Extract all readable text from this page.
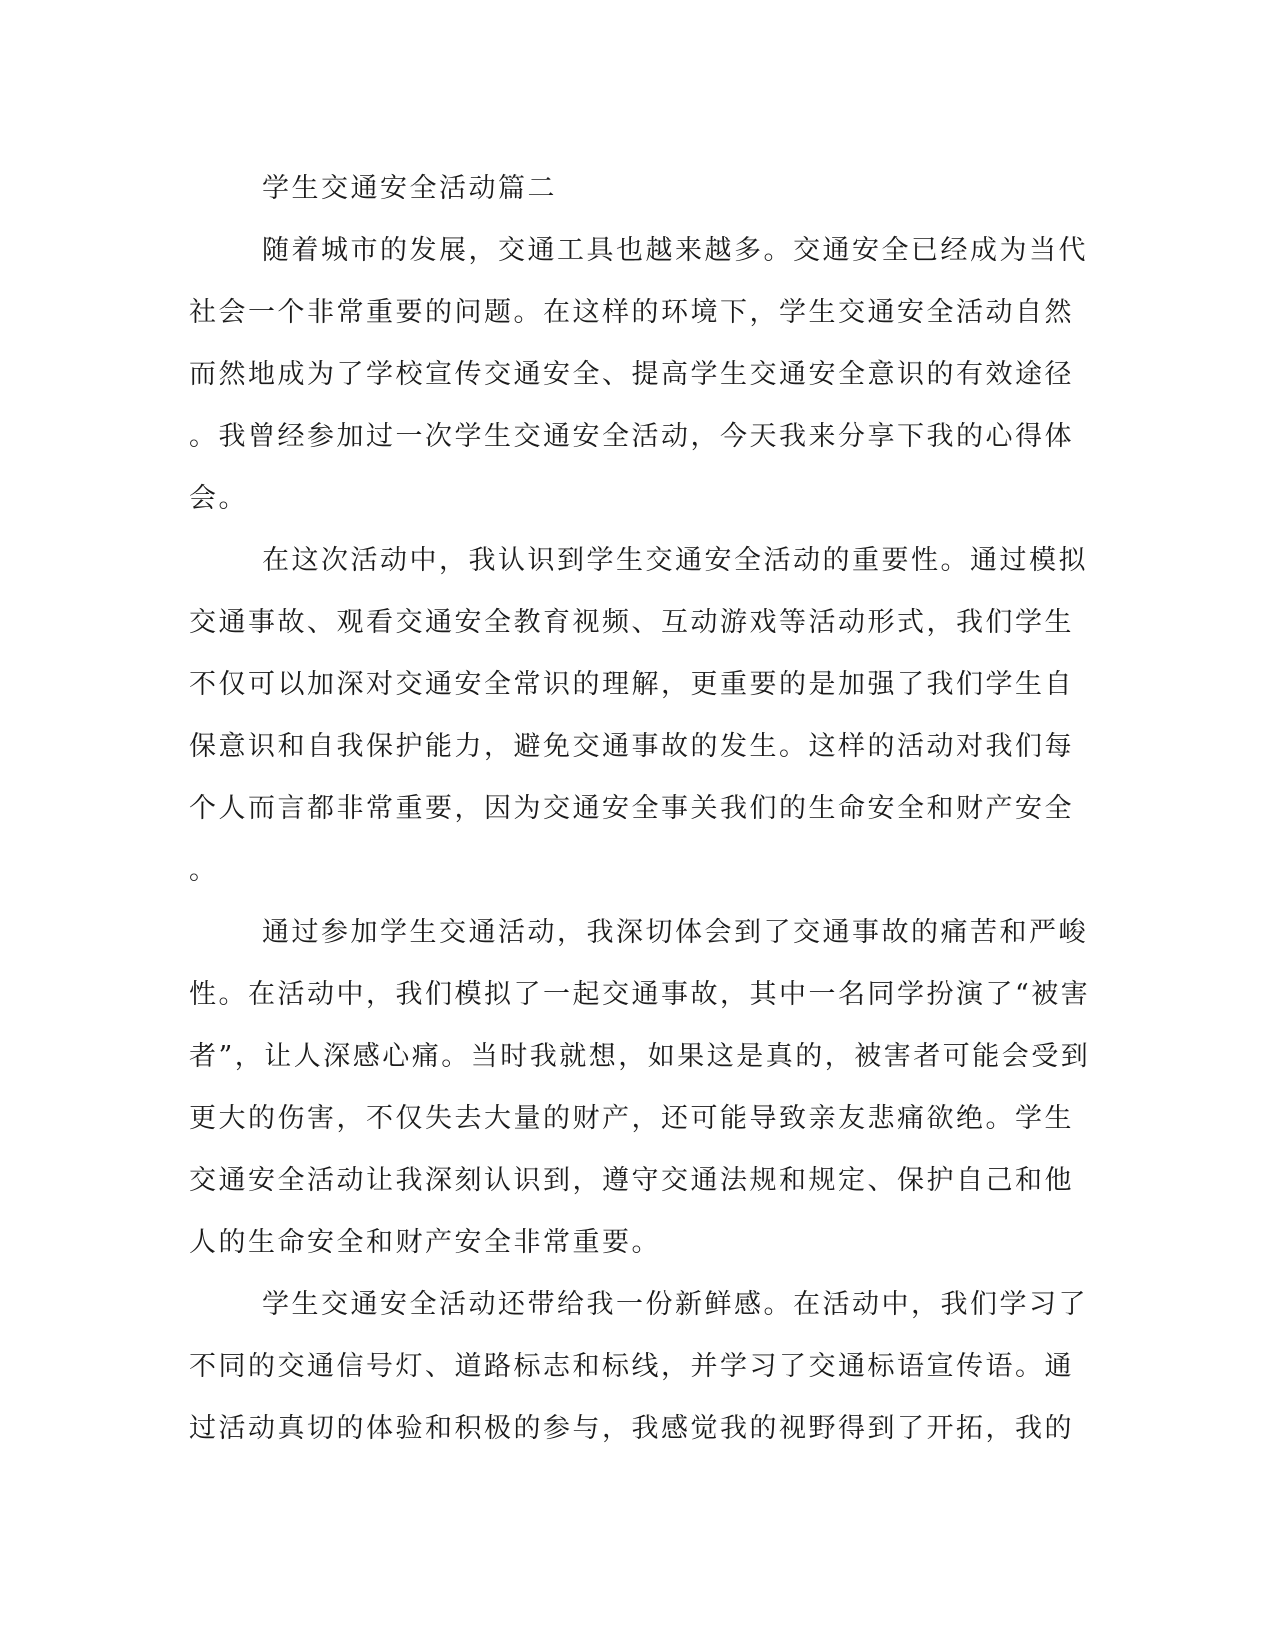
学生交通安全活动篇二
随着城市的发展，交通工具也越来越多。交通安全已经成为当代
社会一个非常重要的问题。在这样的环境下，学生交通安全活动自然
而然地成为了学校宣传交通安全、提高学生交通安全意识的有效途径
。我曾经参加过一次学生交通安全活动，今天我来分享下我的心得体
会。
在这次活动中，我认识到学生交通安全活动的重要性。通过模拟
交通事故、观看交通安全教育视频、互动游戏等活动形式，我们学生
不仅可以加深对交通安全常识的理解，更重要的是加强了我们学生自
保意识和自我保护能力，避免交通事故的发生。这样的活动对我们每
个人而言都非常重要，因为交通安全事关我们的生命安全和财产安全
。
通过参加学生交通活动，我深切体会到了交通事故的痛苦和严峻
性。在活动中，我们模拟了一起交通事故，其中一名同学扮演了“被害
者”，让人深感心痛。当时我就想，如果这是真的，被害者可能会受到
更大的伤害，不仅失去大量的财产，还可能导致亲友悲痛欲绝。学生
交通安全活动让我深刻认识到，遵守交通法规和规定、保护自己和他
人的生命安全和财产安全非常重要。
学生交通安全活动还带给我一份新鲜感。在活动中，我们学习了
不同的交通信号灯、道路标志和标线，并学习了交通标语宣传语。通
过活动真切的体验和积极的参与，我感觉我的视野得到了开拓，我的
